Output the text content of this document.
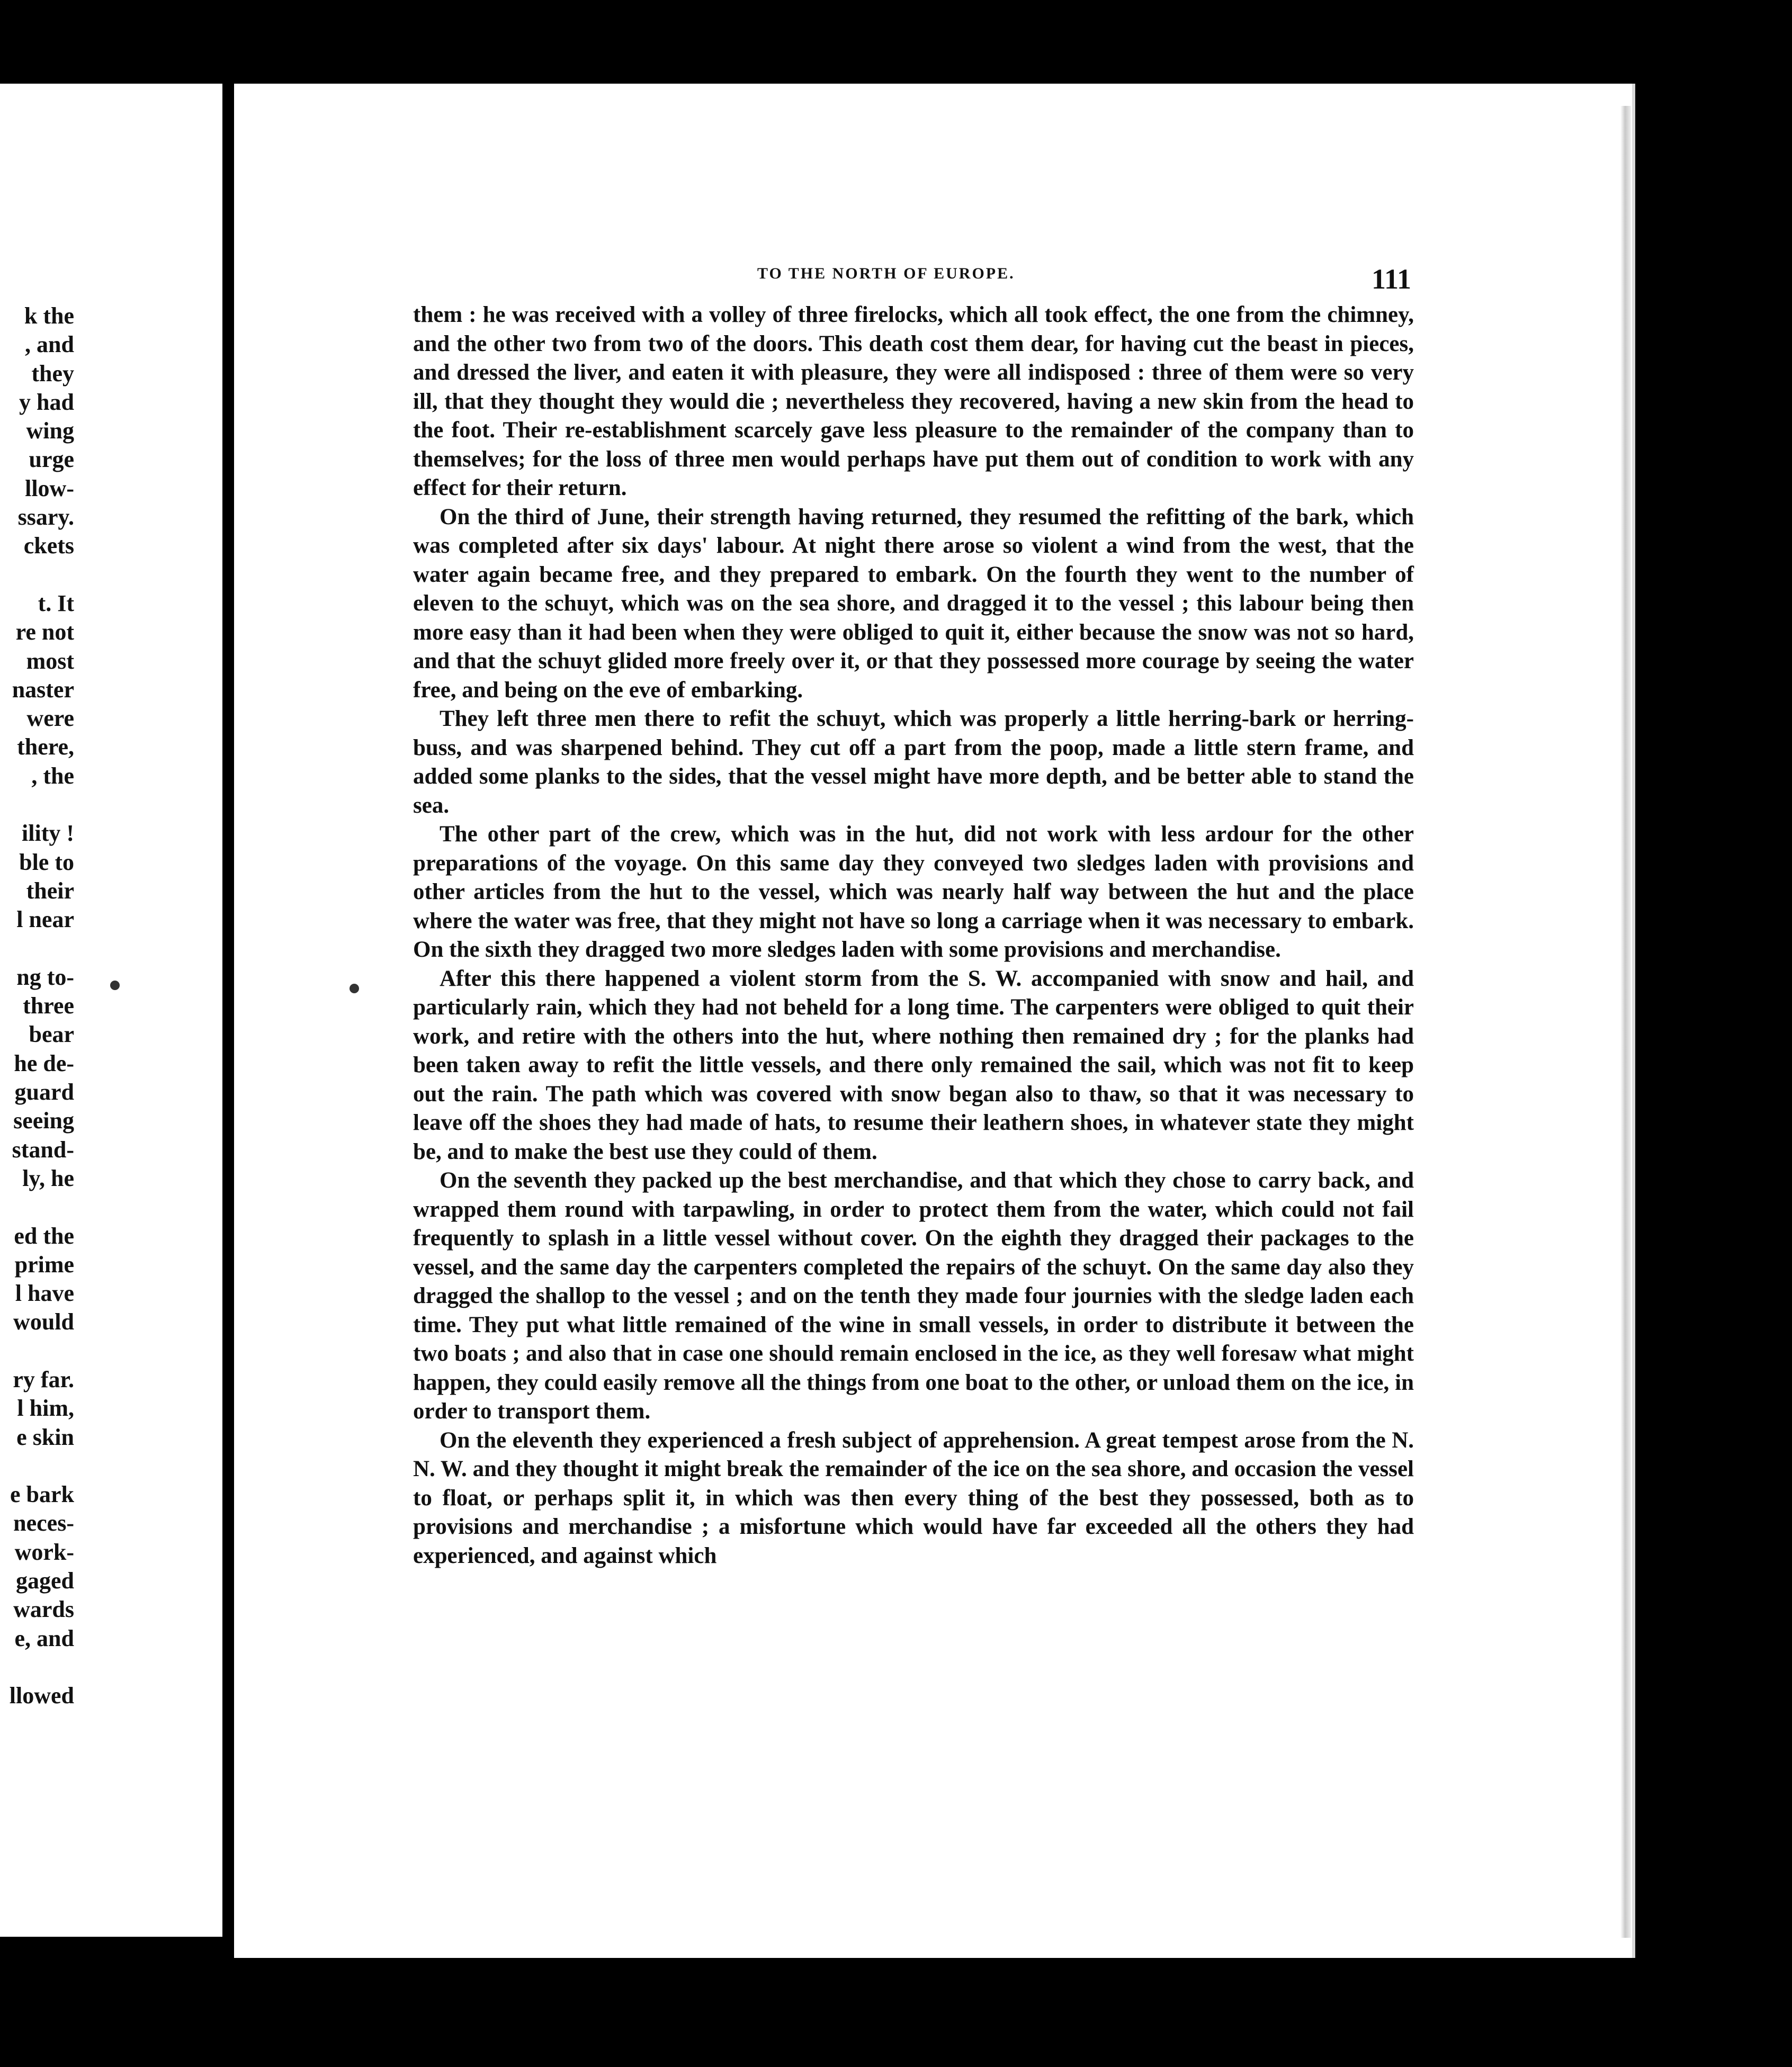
k the
, and
they
y had
wing
urge
llow-
ssary.
ckets
t. It
re not
most
naster
were
there,
, the
ility !
ble to
their
l near
ng to-
three
bear
he de-
guard
seeing
stand-
ly, he
ed the
prime
l have
would
ry far.
l him,
e skin
e bark
neces-
work-
gaged
wards
e, and
llowed
TO THE NORTH OF EUROPE.	111

them : he was received with a volley of three firelocks, which all took effect, the one from the chimney, and the other two from two of the doors. This death cost them dear, for having cut the beast in pieces, and dressed the liver, and eaten it with pleasure, they were all indisposed : three of them were so very ill, that they thought they would die ; nevertheless they recovered, having a new skin from the head to the foot. Their re-establishment scarcely gave less pleasure to the remainder of the company than to themselves; for the loss of three men would perhaps have put them out of condition to work with any effect for their return.

On the third of June, their strength having returned, they resumed the refitting of the bark, which was completed after six days' labour. At night there arose so violent a wind from the west, that the water again became free, and they prepared to embark. On the fourth they went to the number of eleven to the schuyt, which was on the sea shore, and dragged it to the vessel ; this labour being then more easy than it had been when they were obliged to quit it, either because the snow was not so hard, and that the schuyt glided more freely over it, or that they possessed more courage by seeing the water free, and being on the eve of embarking.

They left three men there to refit the schuyt, which was properly a little herring-bark or herring-buss, and was sharpened behind. They cut off a part from the poop, made a little stern frame, and added some planks to the sides, that the vessel might have more depth, and be better able to stand the sea.

The other part of the crew, which was in the hut, did not work with less ardour for the other preparations of the voyage. On this same day they conveyed two sledges laden with provisions and other articles from the hut to the vessel, which was nearly half way between the hut and the place where the water was free, that they might not have so long a carriage when it was necessary to embark. On the sixth they dragged two more sledges laden with some provisions and merchandise.

After this there happened a violent storm from the S. W. accompanied with snow and hail, and particularly rain, which they had not beheld for a long time. The carpenters were obliged to quit their work, and retire with the others into the hut, where nothing then remained dry ; for the planks had been taken away to refit the little vessels, and there only remained the sail, which was not fit to keep out the rain. The path which was covered with snow began also to thaw, so that it was necessary to leave off the shoes they had made of hats, to resume their leathern shoes, in whatever state they might be, and to make the best use they could of them.

On the seventh they packed up the best merchandise, and that which they chose to carry back, and wrapped them round with tarpawling, in order to protect them from the water, which could not fail frequently to splash in a little vessel without cover. On the eighth they dragged their packages to the vessel, and the same day the carpenters completed the repairs of the schuyt. On the same day also they dragged the shallop to the vessel ; and on the tenth they made four journies with the sledge laden each time. They put what little remained of the wine in small vessels, in order to distribute it between the two boats ; and also that in case one should remain enclosed in the ice, as they well foresaw what might happen, they could easily remove all the things from one boat to the other, or unload them on the ice, in order to transport them.

On the eleventh they experienced a fresh subject of apprehension. A great tempest arose from the N. N. W. and they thought it might break the remainder of the ice on the sea shore, and occasion the vessel to float, or perhaps split it, in which was then every thing of the best they possessed, both as to provisions and merchandise ; a misfortune which would have far exceeded all the others they had experienced, and against which
